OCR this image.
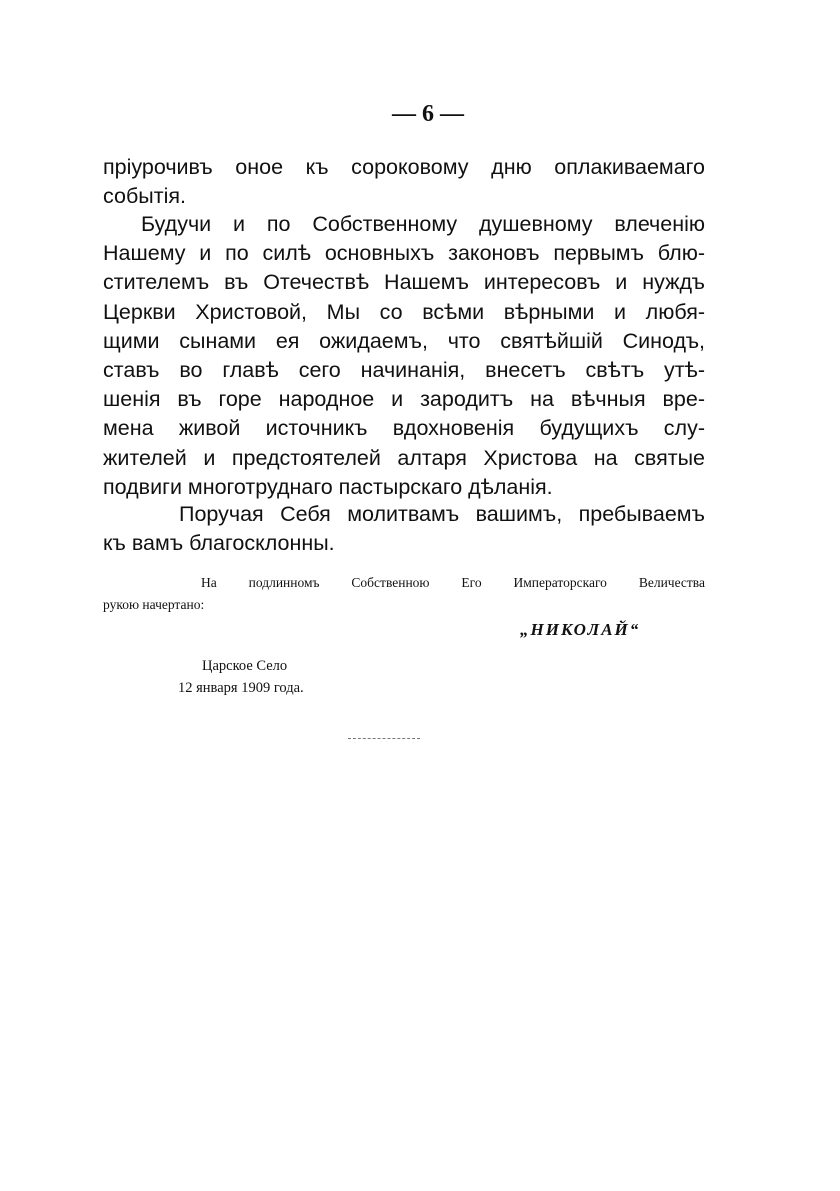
— 6 —
пріурочивъ оное къ сороковому дню оплакиваемаго
событія.
Будучи и по Собственному душевному влеченію
Нашему и по силѣ основныхъ законовъ первымъ блю-
стителемъ въ Отечествѣ Нашемъ интересовъ и нуждъ
Церкви Христовой, Мы со всѣми вѣрными и любя-
щими сынами ея ожидаемъ, что святѣйшій Синодъ,
ставъ во главѣ сего начинанія, внесетъ свѣтъ утѣ-
шенія въ горе народное и зародитъ на вѣчныя вре-
мена живой источникъ вдохновенія будущихъ слу-
жителей и предстоятелей алтаря Христова на святые
подвиги многотруднаго пастырскаго дѣланія.
Поручая Себя молитвамъ вашимъ, пребываемъ
къ вамъ благосклонны.
На подлинномъ Собственною Его Императорскаго Величества
рукою начертано:
„НИКОЛАЙ“
Царское Село
12 января 1909 года.
